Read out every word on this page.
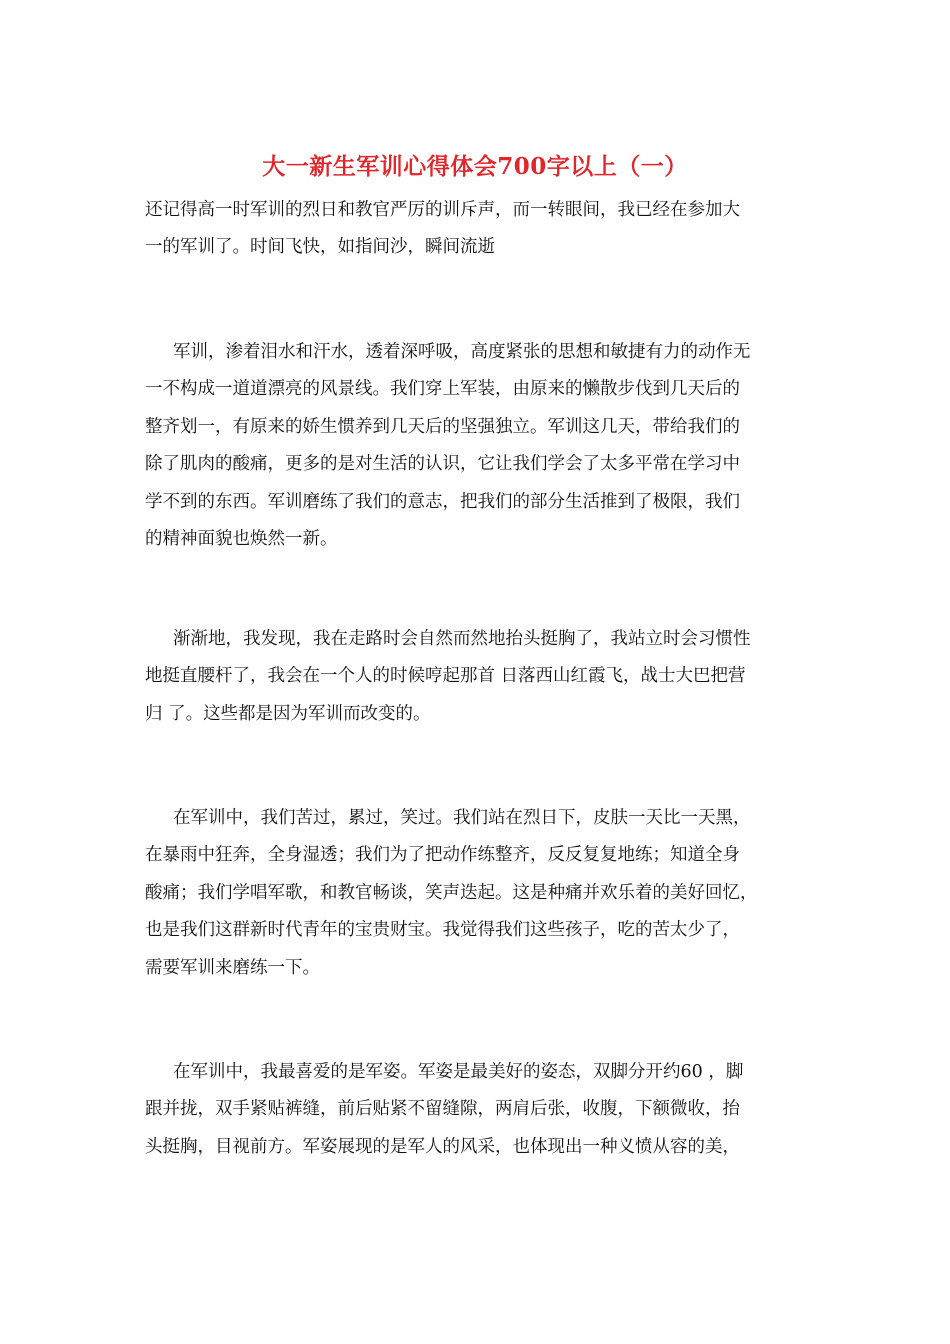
大一新生军训心得体会700字以上（一）

还记得高一时军训的烈日和教官严厉的训斥声，而一转眼间，我已经在参加大
一的军训了。时间飞快，如指间沙，瞬间流逝

军训，渗着泪水和汗水，透着深呼吸，高度紧张的思想和敏捷有力的动作无
一不构成一道道漂亮的风景线。我们穿上军装，由原来的懒散步伐到几天后的
整齐划一，有原来的娇生惯养到几天后的坚强独立。军训这几天，带给我们的
除了肌肉的酸痛，更多的是对生活的认识，它让我们学会了太多平常在学习中
学不到的东西。军训磨练了我们的意志，把我们的部分生活推到了极限，我们
的精神面貌也焕然一新。

渐渐地，我发现，我在走路时会自然而然地抬头挺胸了，我站立时会习惯性
地挺直腰杆了，我会在一个人的时候哼起那首 日落西山红霞飞，战士大巴把营
归 了。这些都是因为军训而改变的。

在军训中，我们苦过，累过，笑过。我们站在烈日下，皮肤一天比一天黑，
在暴雨中狂奔，全身湿透；我们为了把动作练整齐，反反复复地练；知道全身
酸痛；我们学唱军歌，和教官畅谈，笑声迭起。这是种痛并欢乐着的美好回忆，
也是我们这群新时代青年的宝贵财宝。我觉得我们这些孩子，吃的苦太少了，
需要军训来磨练一下。

在军训中，我最喜爱的是军姿。军姿是最美好的姿态，双脚分开约60 ，脚
跟并拢，双手紧贴裤缝，前后贴紧不留缝隙，两肩后张，收腹，下额微收，抬
头挺胸，目视前方。军姿展现的是军人的风采，也体现出一种义愤从容的美，
